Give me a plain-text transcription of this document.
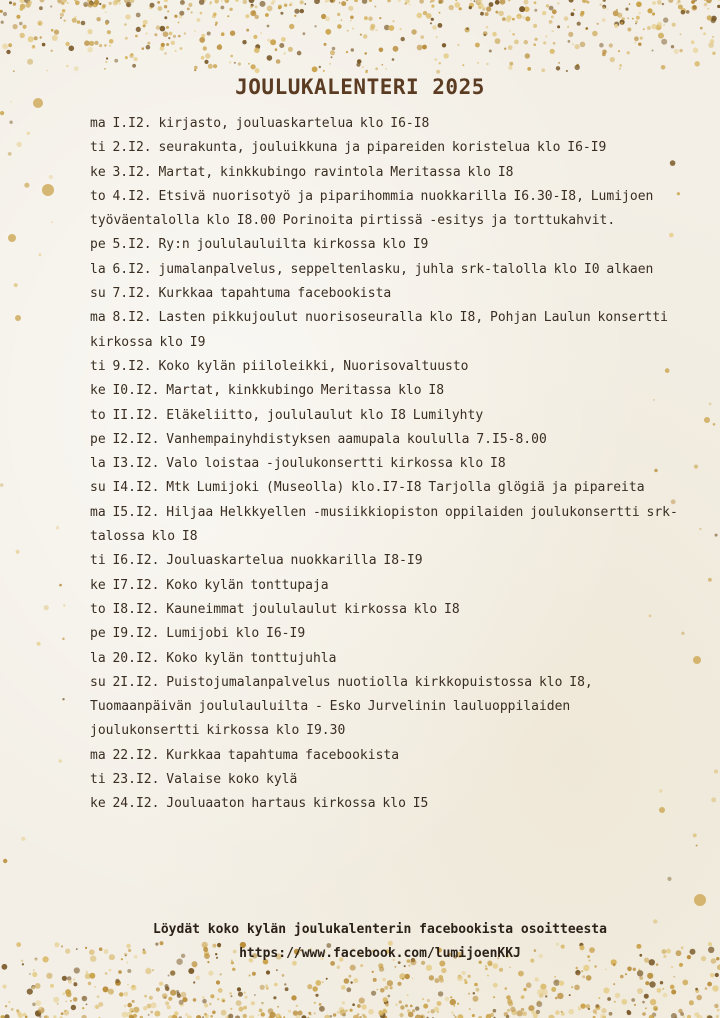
JOULUKALENTERI 2025
ma I.I2. kirjasto, jouluaskartelua klo I6-I8
ti 2.I2. seurakunta, jouluikkuna ja pipareiden koristelua klo I6-I9
ke 3.I2. Martat, kinkkubingo ravintola Meritassa klo I8
to 4.I2. Etsivä nuorisotyö ja piparihommia nuokkarilla I6.30-I8, Lumijoen työväentalolla klo I8.00 Porinoita pirtissä -esitys ja torttukahvit.
pe 5.I2. Ry:n joululauluilta kirkossa klo I9
la 6.I2. jumalanpalvelus, seppeltenlasku, juhla srk-talolla klo I0 alkaen
su 7.I2. Kurkkaa tapahtuma facebookista
ma 8.I2. Lasten pikkujoulut nuorisoseuralla klo I8, Pohjan Laulun konsertti kirkossa klo I9
ti 9.I2. Koko kylän piiloleikki, Nuorisovaltuusto
ke I0.I2. Martat, kinkkubingo Meritassa klo I8
to II.I2. Eläkeliitto, joululaulut klo I8 Lumilyhty
pe I2.I2. Vanhempainyhdistyksen aamupala koululla 7.I5-8.00
la I3.I2. Valo loistaa -joulukonsertti kirkossa klo I8
su I4.I2. Mtk Lumijoki (Museolla) klo.I7-I8 Tarjolla glögiä ja pipareita
ma I5.I2. Hiljaa Helkkyellen -musiikkiopiston oppilaiden joulukonsertti srk-talossa klo I8
ti I6.I2. Jouluaskartelua nuokkarilla I8-I9
ke I7.I2. Koko kylän tonttupaja
to I8.I2. Kauneimmat joululaulut kirkossa klo I8
pe I9.I2. Lumijobi klo I6-I9
la 20.I2. Koko kylän tonttujuhla
su 2I.I2. Puistojumalanpalvelus nuotiolla kirkkopuistossa klo I8, Tuomaanpäivän joululauluilta - Esko Jurvelinin lauluoppilaiden joulukonsertti kirkossa klo I9.30
ma 22.I2. Kurkkaa tapahtuma facebookista
ti 23.I2. Valaise koko kylä
ke 24.I2. Jouluaaton hartaus kirkossa klo I5
Löydät koko kylän joulukalenterin facebookista osoitteesta
https://www.facebook.com/lumijoenKKJ
